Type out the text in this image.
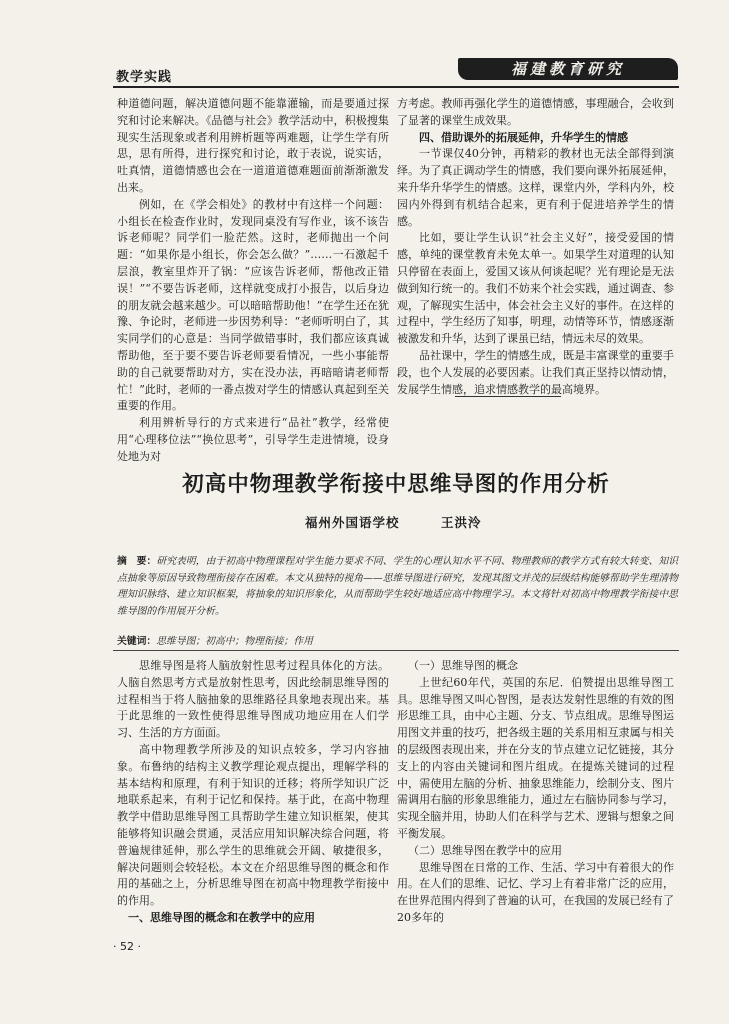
教学实践	福建教育研究

种道德问题，解决道德问题不能靠灌输，而是要通过探究和讨论来解决。《品德与社会》教学活动中，积极搜集现实生活现象或者利用辨析题等两难题，让学生学有所思，思有所得，进行探究和讨论，敢于表说，说实话，吐真情，道德情感也会在一道道道德难题面前渐渐激发出来。

例如，在《学会相处》的教材中有这样一个问题：小组长在检查作业时，发现同桌没有写作业，该不该告诉老师呢？同学们一脸茫然。这时，老师抛出一个问题：“如果你是小组长，你会怎么做？”……一石激起千层浪，教室里炸开了锅：“应该告诉老师，帮他改正错误！”“不要告诉老师，这样就变成打小报告，以后身边的朋友就会越来越少。可以暗暗帮助他！”在学生还在犹豫、争论时，老师进一步因势利导：“老师听明白了，其实同学们的心意是：当同学做错事时，我们都应该真诚帮助他，至于要不要告诉老师要看情况，一些小事能帮助的自己就要帮助对方，实在没办法，再暗暗请老师帮忙！”此时，老师的一番点拨对学生的情感认真起到至关重要的作用。

利用辨析导行的方式来进行“品社”教学，经常使用“心理移位法”“换位思考”，引导学生走进情境，设身处地为对

方考虑。教师再强化学生的道德情感，事理融合，会收到了显著的课堂生成效果。

四、借助课外的拓展延伸，升华学生的情感

一节课仅40分钟，再精彩的教材也无法全部得到演绎。为了真正调动学生的情感，我们要向课外拓展延伸，来升华升华学生的情感。这样，课堂内外，学科内外，校园内外得到有机结合起来，更有利于促进培养学生的情感。

比如，要让学生认识“社会主义好”，接受爱国的情感，单纯的课堂教育未免太单一。如果学生对道理的认知只停留在表面上，爱国又该从何谈起呢？光有理论是无法做到知行统一的。我们不妨来个社会实践，通过调查、参观，了解现实生活中，体会社会主义好的事件。在这样的过程中，学生经历了知事，明理，动情等环节，情感逐渐被激发和升华，达到了课虽已结，情远未尽的效果。

品社课中，学生的情感生成，既是丰富课堂的重要手段，也个人发展的必要因素。让我们真正坚持以情动情，发展学生情感，追求情感教学的最高境界。

初高中物理教学衔接中思维导图的作用分析
福州外国语学校	王洪泠
摘　要：研究表明，由于初高中物理课程对学生能力要求不同、学生的心理认知水平不同、物理教师的教学方式有较大转变、知识点抽象等原因导致物理衔接存在困难。本文从独特的视角——思维导图进行研究，发现其图文并茂的层级结构能够帮助学生理清物理知识脉络、建立知识框架，将抽象的知识形象化，从而帮助学生较好地适应高中物理学习。本文将针对初高中物理教学衔接中思维导图的作用展开分析。
关键词：思维导图；初高中；物理衔接；作用

思维导图是将人脑放射性思考过程具体化的方法。人脑自然思考方式是放射性思考，因此绘制思维导图的过程相当于将人脑抽象的思维路径具象地表现出来。基于此思维的一致性使得思维导图成功地应用在人们学习、生活的方方面面。

高中物理教学所涉及的知识点较多，学习内容抽象。布鲁纳的结构主义教学理论观点提出，理解学科的基本结构和原理，有利于知识的迁移；将所学知识广泛地联系起来，有利于记忆和保持。基于此，在高中物理教学中借助思维导图工具帮助学生建立知识框架，使其能够将知识融会贯通，灵活应用知识解决综合问题，将普遍规律延伸，那么学生的思维就会开阔、敏捷很多，解决问题则会较轻松。本文在介绍思维导图的概念和作用的基础之上，分析思维导图在初高中物理教学衔接中的作用。

一、思维导图的概念和在教学中的应用

（一）思维导图的概念

上世纪60年代，英国的东尼．伯赞提出思维导图工具。思维导图又叫心智图，是表达发射性思维的有效的图形思维工具，由中心主题、分支、节点组成。思维导图运用图文并重的技巧，把各级主题的关系用相互隶属与相关的层级图表现出来，并在分支的节点建立记忆链接，其分支上的内容由关键词和图片组成。在提炼关键词的过程中，需使用左脑的分析、抽象思维能力，绘制分支、图片需调用右脑的形象思维能力，通过左右脑协同参与学习，实现全脑并用，协助人们在科学与艺术、逻辑与想象之间平衡发展。

（二）思维导图在教学中的应用

思维导图在日常的工作、生活、学习中有着很大的作用。在人们的思维、记忆、学习上有着非常广泛的应用，在世界范围内得到了普遍的认可，在我国的发展已经有了20多年的

· 52 ·
